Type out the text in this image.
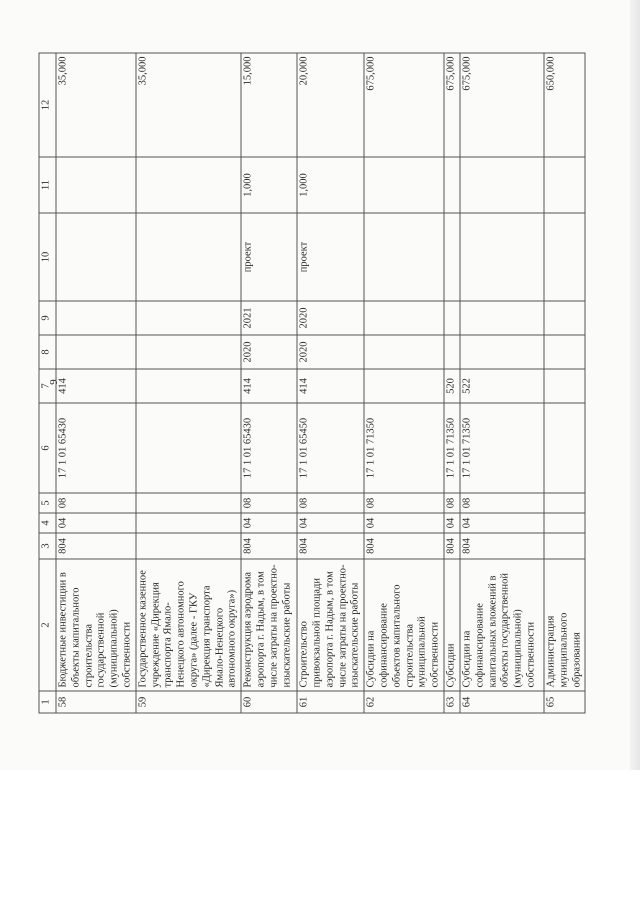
9
1	2	3	4	5	6	7	8	9	10	11	12
58	Бюджетные инвестиции в объекты капитального строительства государственной (муниципальной) собственности	804	04	08	17 1 01 65430	414					35,000
59	Государственное казенное учреждение «Дирекция транспорта Ямало-Ненецкого автономного округа» (далее - ГКУ «Дирекция транспорта Ямало-Ненецкого автономного округа»)										35,000
60	Реконструкция аэродрома аэропорта г. Надым, в том числе затраты на проектно-изыскательские работы	804	04	08	17 1 01 65430	414	2020	2021	проект	1,000	15,000
61	Строительство привокзальной площади аэропорта г. Надым, в том числе затраты на проектно-изыскательские работы	804	04	08	17 1 01 65450	414	2020	2020	проект	1,000	20,000
62	Субсидии на софинансирование объектов капитального строительства муниципальной собственности	804	04	08	17 1 01 71350						675,000
63	Субсидии	804	04	08	17 1 01 71350	520					675,000
64	Субсидии на софинансирование капитальных вложений в объекты государственной (муниципальной) собственности	804	04	08	17 1 01 71350	522					675,000
65	Администрация муниципального образования										650,000
